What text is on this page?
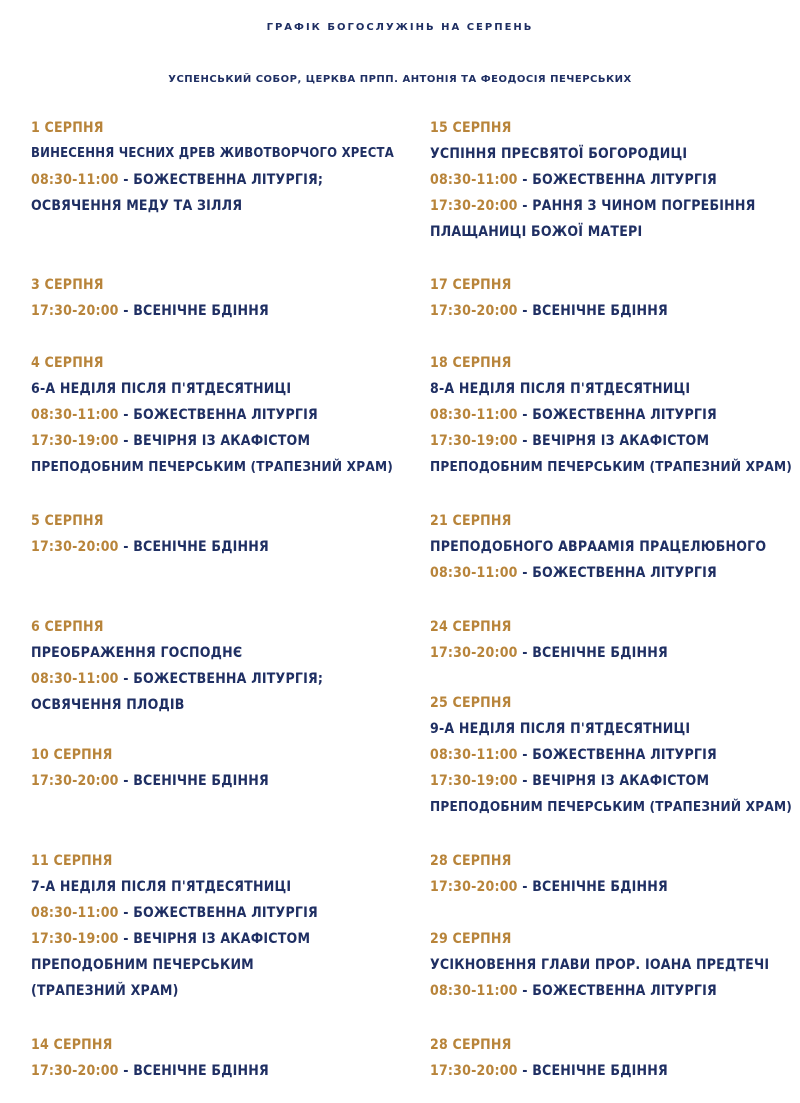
ГРАФІК БОГОСЛУЖІНЬ НА СЕРПЕНЬ
УСПЕНСЬКИЙ СОБОР, ЦЕРКВА ПРПП. АНТОНІЯ ТА ФЕОДОСІЯ ПЕЧЕРСЬКИХ
1 СЕРПНЯ
ВИНЕСЕННЯ ЧЕСНИХ ДРЕВ ЖИВОТВОРЧОГО ХРЕСТА
08:30-11:00 - БОЖЕСТВЕННА ЛІТУРГІЯ;
ОСВЯЧЕННЯ МЕДУ ТА ЗІЛЛЯ
3 СЕРПНЯ
17:30-20:00 - ВСЕНІЧНЕ БДІННЯ
4 СЕРПНЯ
6-А НЕДІЛЯ ПІСЛЯ П'ЯТДЕСЯТНИЦІ
08:30-11:00 - БОЖЕСТВЕННА ЛІТУРГІЯ
17:30-19:00 - ВЕЧІРНЯ ІЗ АКАФІСТОМ
ПРЕПОДОБНИМ ПЕЧЕРСЬКИМ (ТРАПЕЗНИЙ ХРАМ)
5 СЕРПНЯ
17:30-20:00 - ВСЕНІЧНЕ БДІННЯ
6 СЕРПНЯ
ПРЕОБРАЖЕННЯ ГОСПОДНЄ
08:30-11:00 - БОЖЕСТВЕННА ЛІТУРГІЯ;
ОСВЯЧЕННЯ ПЛОДІВ
10 СЕРПНЯ
17:30-20:00 - ВСЕНІЧНЕ БДІННЯ
11 СЕРПНЯ
7-А НЕДІЛЯ ПІСЛЯ П'ЯТДЕСЯТНИЦІ
08:30-11:00 - БОЖЕСТВЕННА ЛІТУРГІЯ
17:30-19:00 - ВЕЧІРНЯ ІЗ АКАФІСТОМ
ПРЕПОДОБНИМ ПЕЧЕРСЬКИМ
(ТРАПЕЗНИЙ ХРАМ)
14 СЕРПНЯ
17:30-20:00 - ВСЕНІЧНЕ БДІННЯ
15 СЕРПНЯ
УСПІННЯ ПРЕСВЯТОЇ БОГОРОДИЦІ
08:30-11:00 - БОЖЕСТВЕННА ЛІТУРГІЯ
17:30-20:00 - РАННЯ З ЧИНОМ ПОГРЕБІННЯ
ПЛАЩАНИЦІ БОЖОЇ МАТЕРІ
17 СЕРПНЯ
17:30-20:00 - ВСЕНІЧНЕ БДІННЯ
18 СЕРПНЯ
8-А НЕДІЛЯ ПІСЛЯ П'ЯТДЕСЯТНИЦІ
08:30-11:00 - БОЖЕСТВЕННА ЛІТУРГІЯ
17:30-19:00 - ВЕЧІРНЯ ІЗ АКАФІСТОМ
ПРЕПОДОБНИМ ПЕЧЕРСЬКИМ (ТРАПЕЗНИЙ ХРАМ)
21 СЕРПНЯ
ПРЕПОДОБНОГО АВРААМІЯ ПРАЦЕЛЮБНОГО
08:30-11:00 - БОЖЕСТВЕННА ЛІТУРГІЯ
24 СЕРПНЯ
17:30-20:00 - ВСЕНІЧНЕ БДІННЯ
25 СЕРПНЯ
9-А НЕДІЛЯ ПІСЛЯ П'ЯТДЕСЯТНИЦІ
08:30-11:00 - БОЖЕСТВЕННА ЛІТУРГІЯ
17:30-19:00 - ВЕЧІРНЯ ІЗ АКАФІСТОМ
ПРЕПОДОБНИМ ПЕЧЕРСЬКИМ (ТРАПЕЗНИЙ ХРАМ)
28 СЕРПНЯ
17:30-20:00 - ВСЕНІЧНЕ БДІННЯ
29 СЕРПНЯ
УСІКНОВЕННЯ ГЛАВИ ПРОР. ІОАНА ПРЕДТЕЧІ
08:30-11:00 - БОЖЕСТВЕННА ЛІТУРГІЯ
28 СЕРПНЯ
17:30-20:00 - ВСЕНІЧНЕ БДІННЯ
